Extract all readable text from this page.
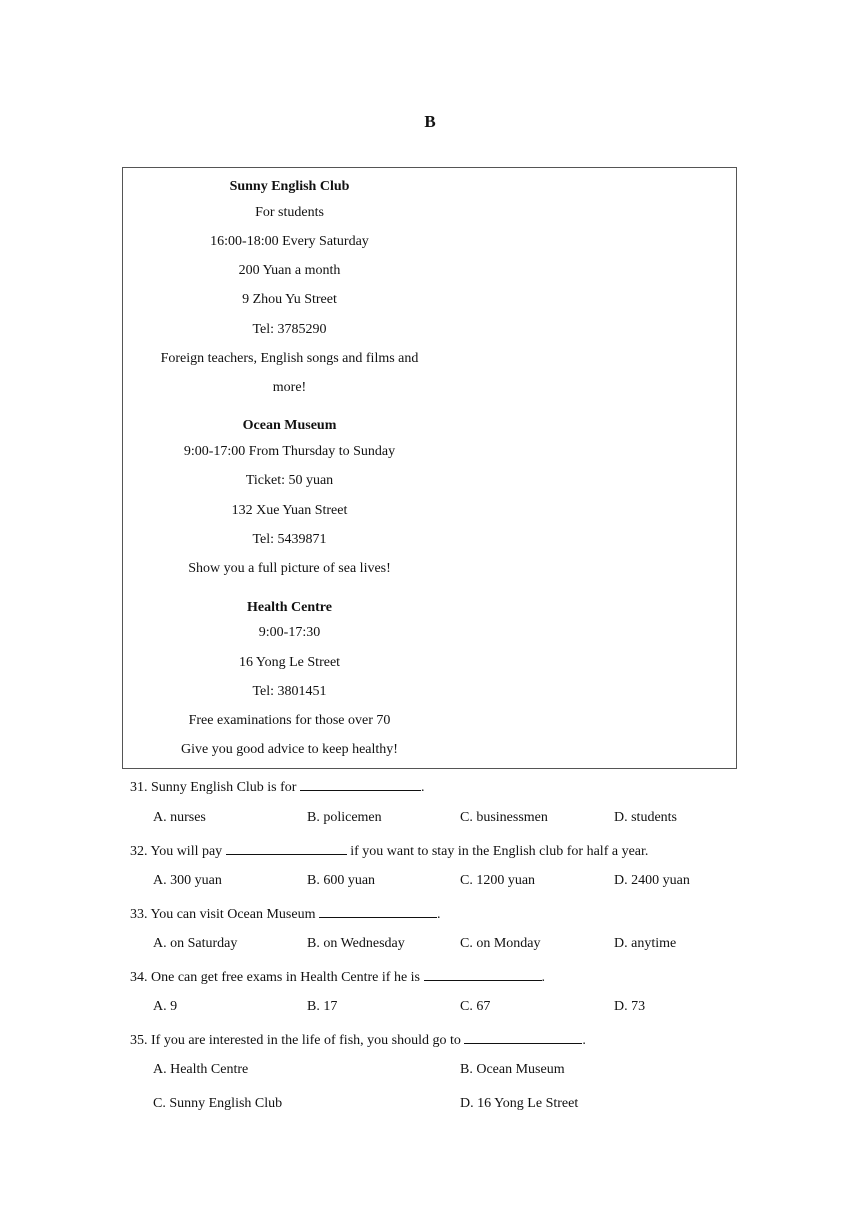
B
Sunny English Club
For students
16:00-18:00 Every Saturday
200 Yuan a month
9 Zhou Yu Street
Tel: 3785290
Foreign teachers, English songs and films and
more!
Ocean Museum
9:00-17:00 From Thursday to Sunday
Ticket: 50 yuan
132 Xue Yuan Street
Tel: 5439871
Show you a full picture of sea lives!
Health Centre
9:00-17:30
16 Yong Le Street
Tel: 3801451
Free examinations for those over 70
Give you good advice to keep healthy!
31. Sunny English Club is for	.
A. nurses	B. policemen	C. businessmen	D. students
32. You will pay	if you want to stay in the English club for half a year.
A. 300 yuan	B. 600 yuan	C. 1200 yuan	D. 2400 yuan
33. You can visit Ocean Museum	.
A. on Saturday	B. on Wednesday	C. on Monday	D. anytime
34. One can get free exams in Health Centre if he is	.
A. 9	B. 17	C. 67	D. 73
35. If you are interested in the life of fish, you should go to	.
A. Health Centre	B. Ocean Museum
C. Sunny English Club	D. 16 Yong Le Street
